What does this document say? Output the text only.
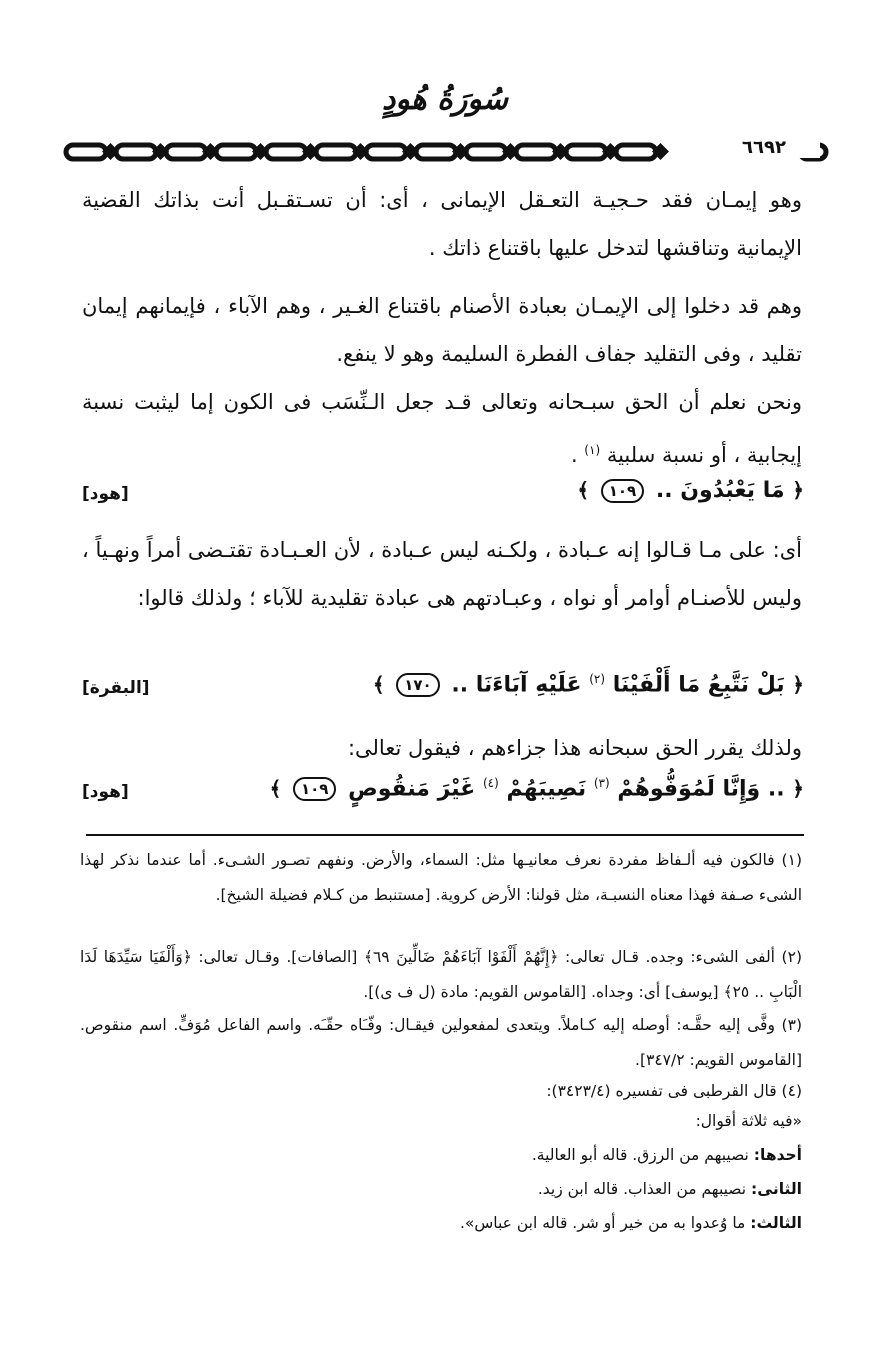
سُورَةُ هُودٍ
٦٦٩٢
وهو إيمـان فقد حـجيـة التعـقل الإيمانى ، أى: أن تسـتقـبل أنت بذاتك القضية الإيمانية وتناقشها لتدخل عليها باقتناع ذاتك .
وهم قد دخلوا إلى الإيمـان بعبادة الأصنام باقتناع الغـير ، وهم الآباء ، فإيمانهم إيمان تقليد ، وفى التقليد جفاف الفطرة السليمة وهو لا ينفع.
ونحن نعلم أن الحق سبـحانه وتعالى قـد جعل الـنِّسَب فى الكون إما ليثبت نسبة إيجابية ، أو نسبة سلبية $^{(١)}$ .
﴿ مَا يَعْبُدُونَ .. ١٠٩ ﴾
[هود]
أى: على مـا قـالوا إنه عـبادة ، ولكـنه ليس عـبادة ، لأن العـبـادة تقتـضى أمراً ونهـياً ، وليس للأصنـام أوامر أو نواه ، وعبـادتهم هى عبادة تقليدية للآباء ؛ ولذلك قالوا:
﴿ بَلْ نَتَّبِعُ مَا أَلْفَيْنَا $^{(٢)}$ عَلَيْهِ آبَاءَنَا .. ١٧٠ ﴾
[البقرة]
ولذلك يقرر الحق سبحانه هذا جزاءهم ، فيقول تعالى:
﴿ .. وَإِنَّا لَمُوَفُّوهُمْ $^{(٣)}$ نَصِيبَهُمْ $^{(٤)}$ غَيْرَ مَنقُوصٍ ١٠٩ ﴾
[هود]
(١) فالكون فيه ألـفاظ مفردة نعرف معانيـها مثل: السماء، والأرض. ونفهم تصـور الشـىء. أما عندما نذكر لهذا الشىء صـفة فهذا معناه النسبـة، مثل قولنا: الأرض كروية. [مستنبط من كـلام فضيلة الشيخ].
(٢) ألفى الشىء: وجده. قـال تعالى: ﴿إِنَّهُمْ أَلْفَوْا آبَاءَهُمْ ضَالِّينَ ٦٩﴾ [الصافات]. وقـال تعالى: ﴿وَأَلْفَيَا سَيِّدَهَا لَدَا الْبَابِ .. ٢٥﴾ [يوسف] أى: وجداه. [القاموس القويم: مادة (ل ف ى)].
(٣) وفَّى إليه حقَّـه: أوصله إليه كـاملاً. ويتعدى لمفعولين فيقـال: وفّـَاه حقّـَه. واسم الفاعل مُوَفٍّ. اسم منقوص. [القاموس القويم: ٣٤٧/٢].
(٤) قال القرطبى فى تفسيره (٣٤٢٣/٤):
«فيه ثلاثة أقوال:
أحدها: نصيبهم من الرزق. قاله أبو العالية.
الثانى: نصيبهم من العذاب. قاله ابن زيد.
الثالث: ما وُعدوا به من خير أو شر. قاله ابن عباس».
